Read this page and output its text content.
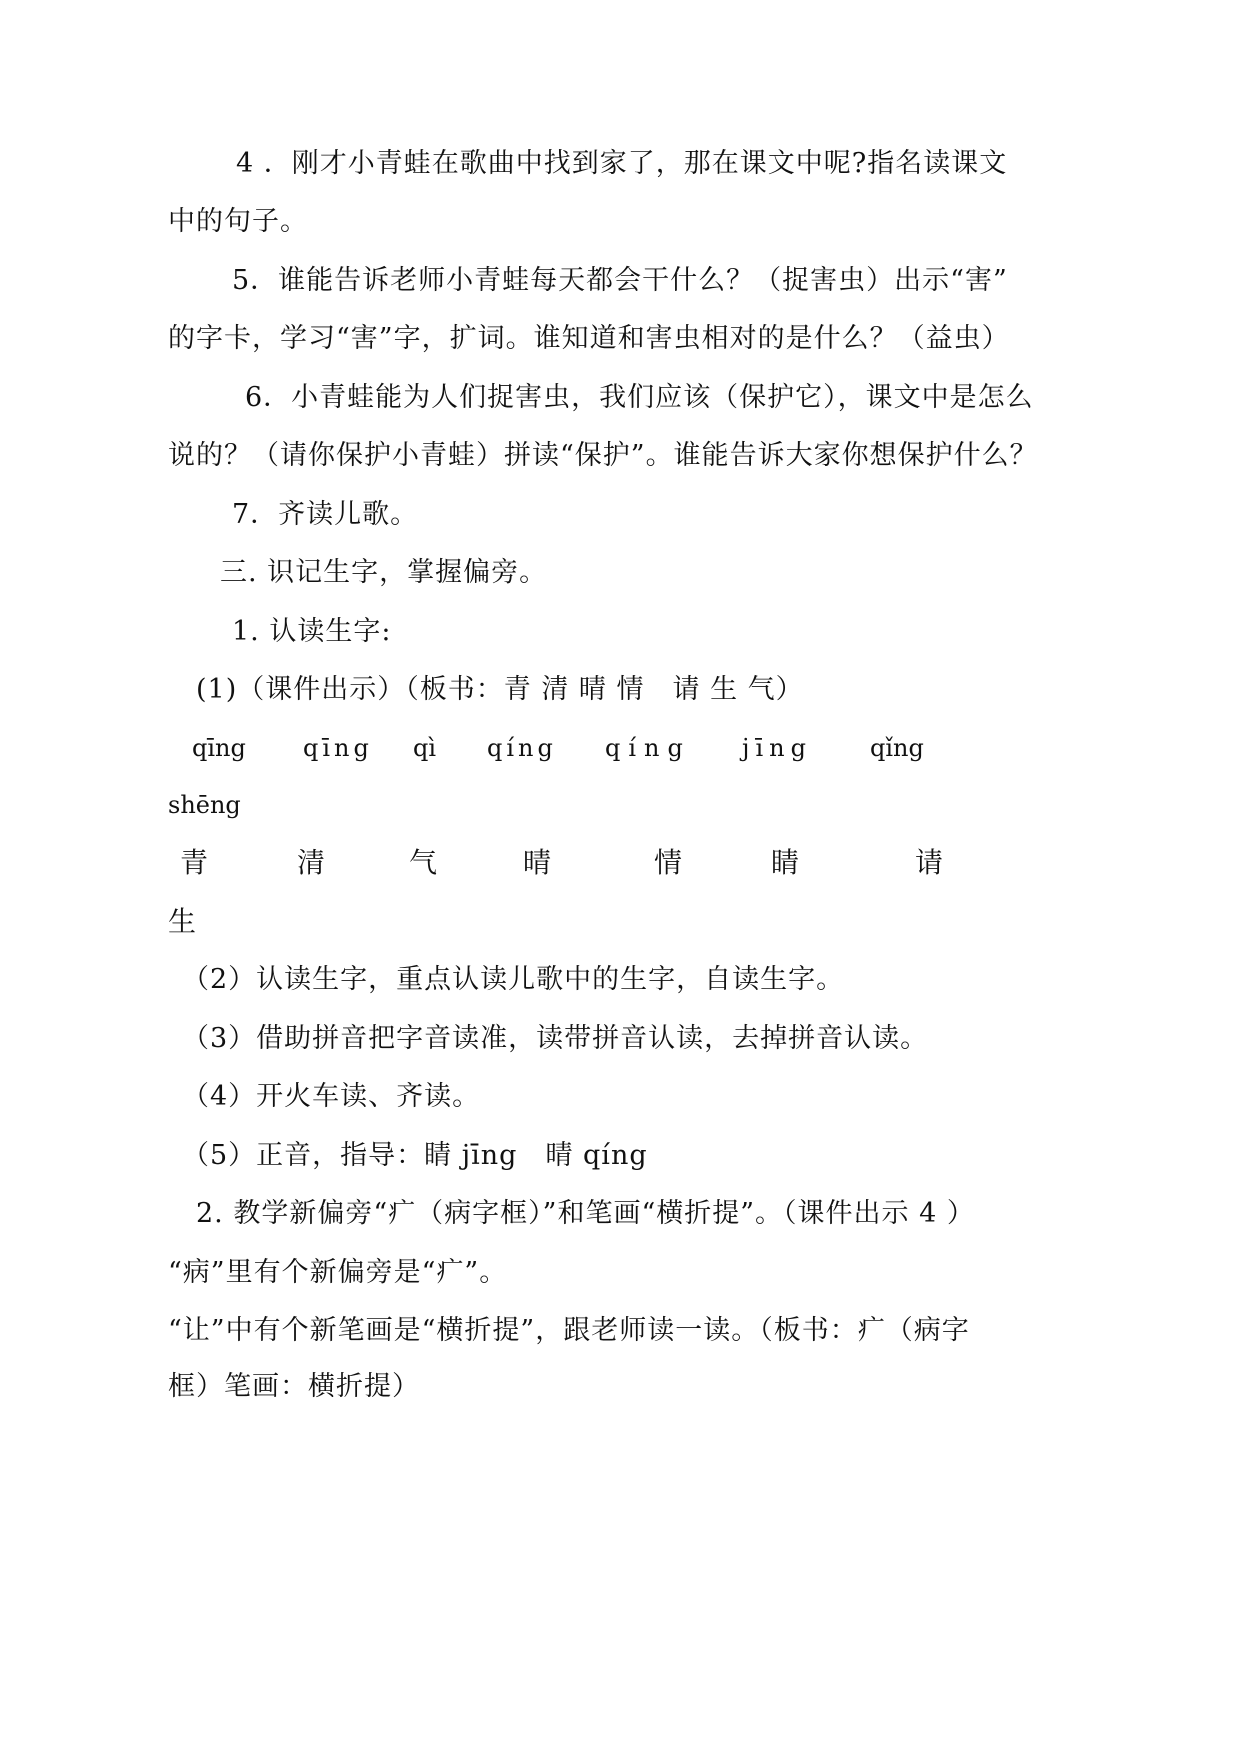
4 ．刚才小青蛙在歌曲中找到家了，那在课文中呢?指名读课文
中的句子。
5．谁能告诉老师小青蛙每天都会干什么？（捉害虫）出示“害”
的字卡，学习“害”字，扩词。谁知道和害虫相对的是什么？（益虫）
6．小青蛙能为人们捉害虫，我们应该（保护它），课文中是怎么
说的？（请你保护小青蛙）拼读“保护”。谁能告诉大家你想保护什么？
7．齐读儿歌。
三. 识记生字，掌握偏旁。
1. 认读生字:
(1)（课件出示）（板书：青 清 晴 情　请 生 气）
qīng qīng qì qíng qíng jīng qǐng
shēng
青	清	气	晴	情	睛	请
生
（2）认读生字，重点认读儿歌中的生字，自读生字。
（3）借助拼音把字音读准，读带拼音认读，去掉拼音认读。
（4）开火车读、齐读。
（5）正音，指导：睛 jīng　晴 qíng
2. 教学新偏旁“疒（病字框）”和笔画“横折提”。（课件出示 4 ）
“病”里有个新偏旁是“疒”。
“让”中有个新笔画是“横折提”，跟老师读一读。（板书：疒（病字
框）笔画：横折提）
